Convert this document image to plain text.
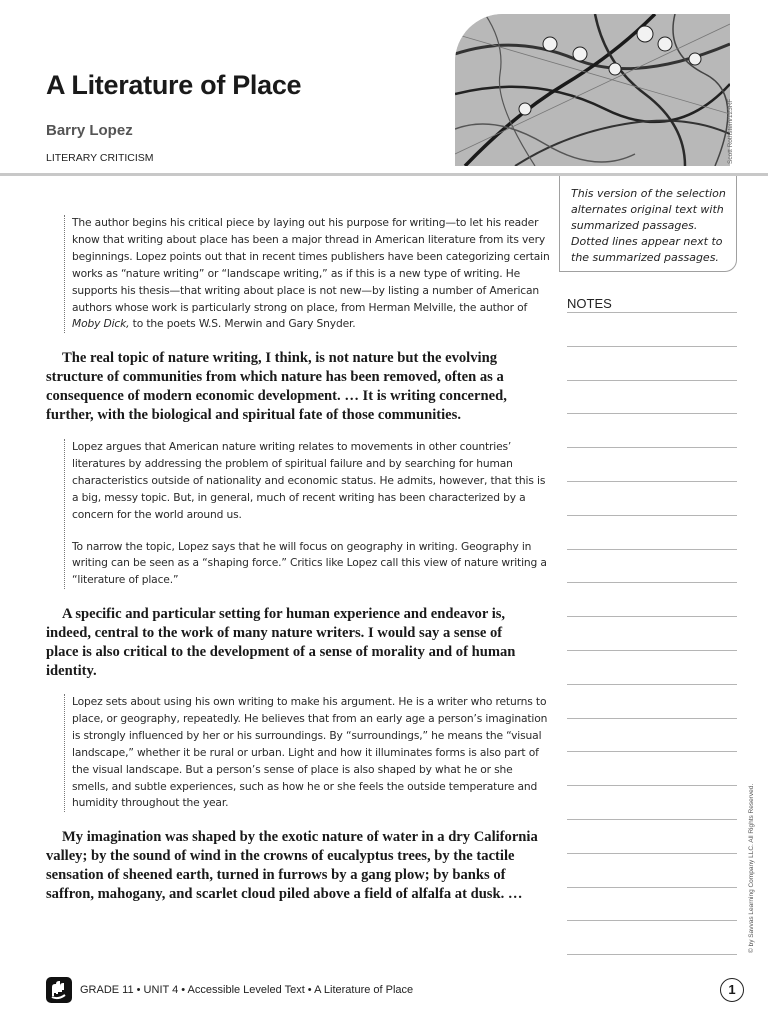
A Literature of Place

Barry Lopez

LITERARY CRITICISM	Scott Rothstein/123RF
This version of the selection alternates original text with summarized passages. Dotted lines appear next to the summarized passages.
NOTES

The author begins his critical piece by laying out his purpose for writing—to let his reader know that writing about place has been a major thread in American literature from its very beginnings. Lopez points out that in recent times publishers have been categorizing certain works as “nature writing” or “landscape writing,” as if this is a new type of writing. He supports his thesis—that writing about place is not new—by listing a number of American authors whose work is particularly strong on place, from Herman Melville, the author of Moby Dick, to the poets W.S. Merwin and Gary Snyder.

The real topic of nature writing, I think, is not nature but the evolving structure of communities from which nature has been removed, often as a consequence of modern economic development. … It is writing concerned, further, with the biological and spiritual fate of those communities.

Lopez argues that American nature writing relates to movements in other countries’ literatures by addressing the problem of spiritual failure and by searching for human characteristics outside of nationality and economic status. He admits, however, that this is a big, messy topic. But, in general, much of recent writing has been characterized by a concern for the world around us.

To narrow the topic, Lopez says that he will focus on geography in writing. Geography in writing can be seen as a “shaping force.” Critics like Lopez call this view of nature writing a “literature of place.”

A specific and particular setting for human experience and endeavor is, indeed, central to the work of many nature writers. I would say a sense of place is also critical to the development of a sense of morality and of human identity.

Lopez sets about using his own writing to make his argument. He is a writer who returns to place, or geography, repeatedly. He believes that from an early age a person’s imagination is strongly influenced by her or his surroundings. By “surroundings,” he means the “visual landscape,” whether it be rural or urban. Light and how it illuminates forms is also part of the visual landscape. But a person’s sense of place is also shaped by what he or she smells, and subtle experiences, such as how he or she feels the outside temperature and humidity throughout the year.

My imagination was shaped by the exotic nature of water in a dry California valley; by the sound of wind in the crowns of eucalyptus trees, by the tactile sensation of sheened earth, turned in furrows by a gang plow; by banks of saffron, mahogany, and scarlet cloud piled above a field of alfalfa at dusk. …	© by Savvas Learning Company LLC. All Rights Reserved.
GRADE 11 • UNIT 4 • Accessible Leveled Text • A Literature of Place	1
